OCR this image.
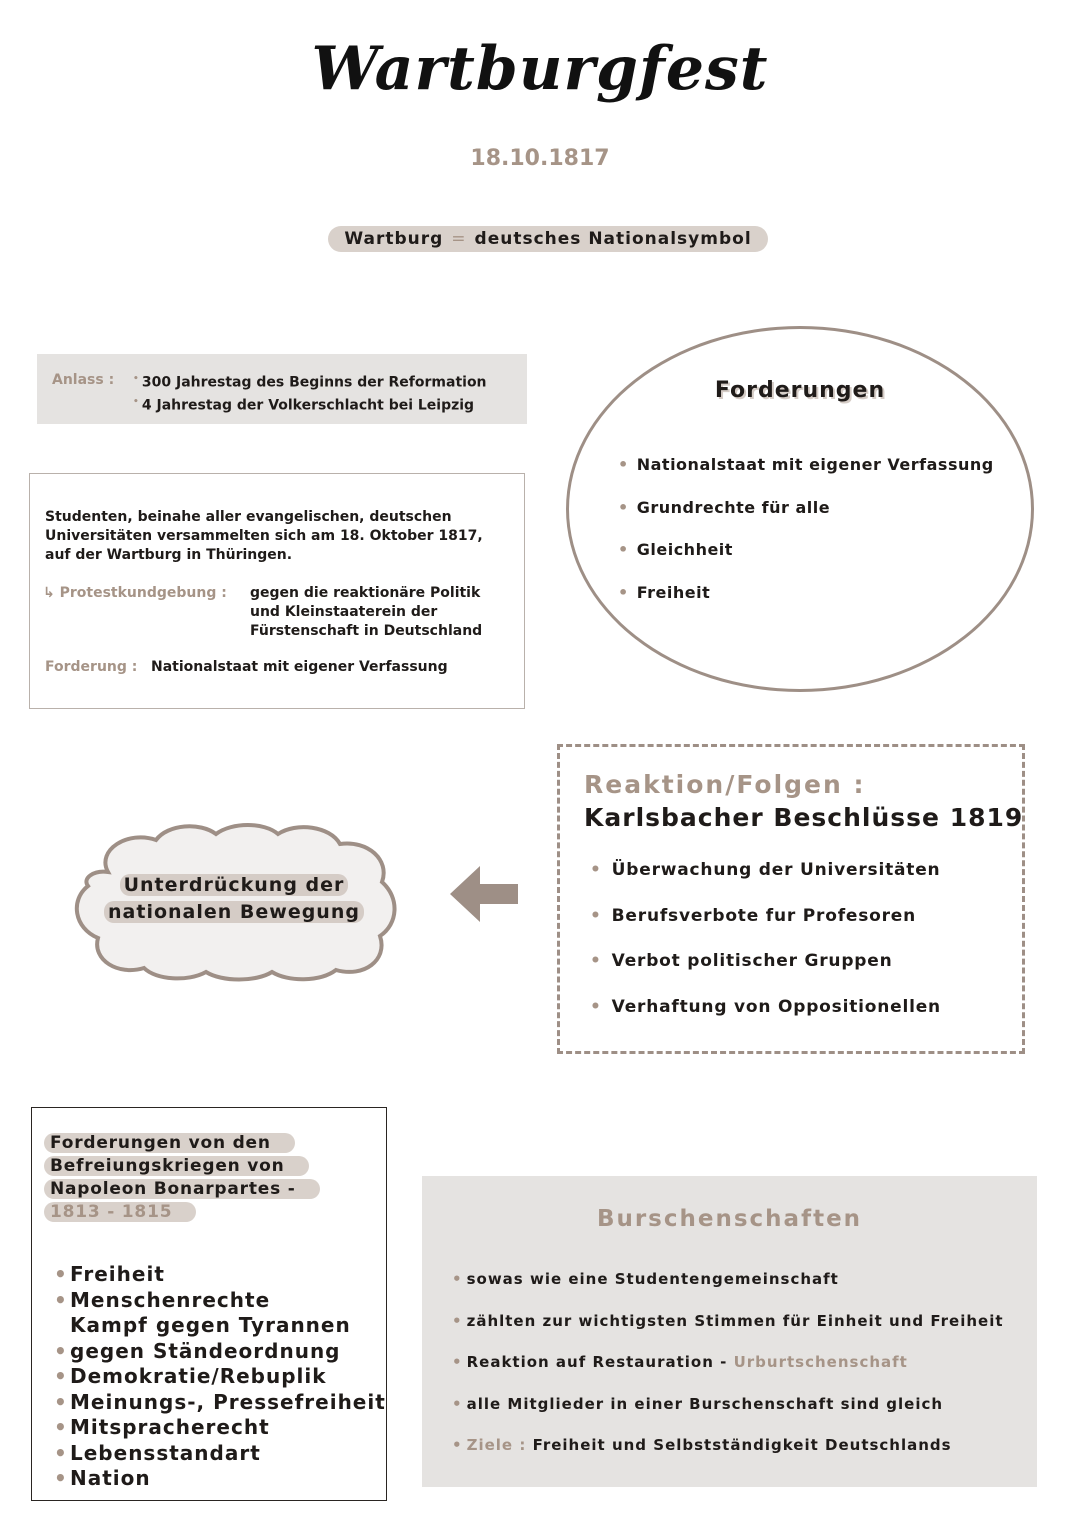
Wartburgfest
18.10.1817
Wartburg = deutsches Nationalsymbol
Anlass :	• 300 Jahrestag des Beginns der Reformation
• 4 Jahrestag der Volkerschlacht bei Leipzig
Studenten, beinahe aller evangelischen, deutschen
Universitäten versammelten sich am 18. Oktober 1817,
auf der Wartburg in Thüringen.
↳ Protestkundgebung : gegen die reaktionäre Politik
und Kleinstaaterein der
Fürstenschaft in Deutschland
Forderung : Nationalstaat mit eigener Verfassung
Forderungen
• Nationalstaat mit eigener Verfassung
• Grundrechte für alle
• Gleichheit
• Freiheit
Unterdrückung der
nationalen Bewegung
Reaktion/Folgen :
Karlsbacher Beschlüsse 1819
• Überwachung der Universitäten
• Berufsverbote fur Profesoren
• Verbot politischer Gruppen
• Verhaftung von Oppositionellen
Forderungen von den
Befreiungskriegen von
Napoleon Bonarpartes -
1813 - 1815
• Freiheit
• Menschenrechte
Kampf gegen Tyrannen
• gegen Ständeordnung
• Demokratie/Rebuplik
• Meinungs-, Pressefreiheit
• Mitspracherecht
• Lebensstandart
• Nation
Burschenschaften
• sowas wie eine Studentengemeinschaft
• zählten zur wichtigsten Stimmen für Einheit und Freiheit
• Reaktion auf Restauration - Urburtschenschaft
• alle Mitglieder in einer Burschenschaft sind gleich
• Ziele : Freiheit und Selbstständigkeit Deutschlands
